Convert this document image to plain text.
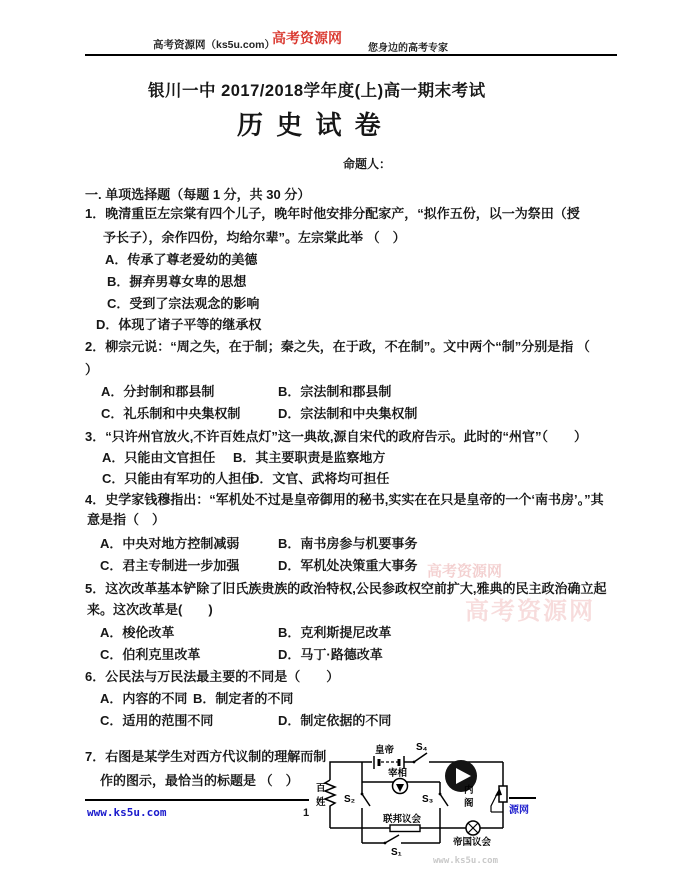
高考资源网（ks5u.com）
高考资源网
您身边的高考专家
银川一中 2017/2018学年度(上)高一期末考试
历 史 试 卷
命题人：
一. 单项选择题（每题 1 分，共 30 分）
高考资源网
高考资源网
www.ks5u.com
1．晚清重臣左宗棠有四个儿子，晚年时他安排分配家产，“拟作五份，以一为祭田（授
予长子），余作四份，均给尔辈”。左宗棠此举 （　）
A．传承了尊老爱幼的美德
B．摒弃男尊女卑的思想
C．受到了宗法观念的影响
D．体现了诸子平等的继承权
2．柳宗元说：“周之失，在于制；秦之失，在于政，不在制”。文中两个“制”分别是指 （
）
A．分封制和郡县制	B．宗法制和郡县制
C．礼乐制和中央集权制	D．宗法制和中央集权制
3．“只许州官放火,不许百姓点灯”这一典故,源自宋代的政府告示。此时的“州官”（　　）
A．只能由文官担任 B．其主要职责是监察地方
C．只能由有军功的人担任
D．文官、武将均可担任
4．史学家钱穆指出：“军机处不过是皇帝御用的秘书,实实在在只是皇帝的一个‘南书房’。”其
意是指（　）
A．中央对地方控制减弱	B．南书房参与机要事务
C．君主专制进一步加强	D．军机处决策重大事务
5．这次改革基本铲除了旧氏族贵族的政治特权,公民参政权空前扩大,雅典的民主政治确立起
来。这次改革是(　　)
A．梭伦改革	B．克利斯提尼改革
C．伯利克里改革	D．马丁·路德改革
6．公民法与万民法最主要的不同是（　　）
A．内容的不同 B．制定者的不同
C．适用的范围不同	D．制定依据的不同
7．右图是某学生对西方代议制的理解而制
作的图示，最恰当的标题是 （　）
皇帝 S₄
宰相
百
姓 S₂	S₃
内
阁
联邦议会
S₁
帝国议会
源网
www.ks5u.com	1
